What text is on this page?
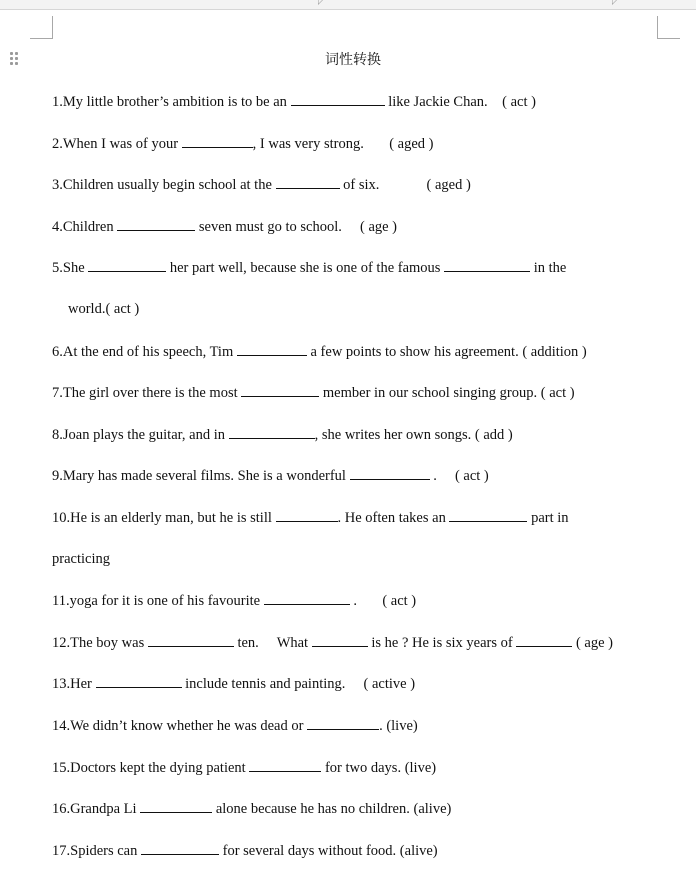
◸	◸
词性转换
1.My little brother’s ambition is to be an	like Jackie Chan. ( act )
2.When I was of your	, I was very strong. ( aged )
3.Children usually begin school at the	of six.	( aged )
4.Children	seven must go to school. ( age )
5.She	her part well, because she is one of the famous	in the
world.( act )
6.At the end of his speech, Tim	a few points to show his agreement. ( addition )
7.The girl over there is the most	member in our school singing group. ( act )
8.Joan plays the guitar, and in	, she writes her own songs. ( add )
9.Mary has made several films. She is a wonderful	. ( act )
10.He is an elderly man, but he is still	. He often takes an	part in
practicing
11.yoga for it is one of his favourite	. ( act )
12.The boy was	ten. What	is he ? He is six years of	( age )
13.Her	include tennis and painting. ( active )
14.We didn’t know whether he was dead or	. (live)
15.Doctors kept the dying patient	for two days. (live)
16.Grandpa Li	alone because he has no children. (alive)
17.Spiders can	for several days without food. (alive)
